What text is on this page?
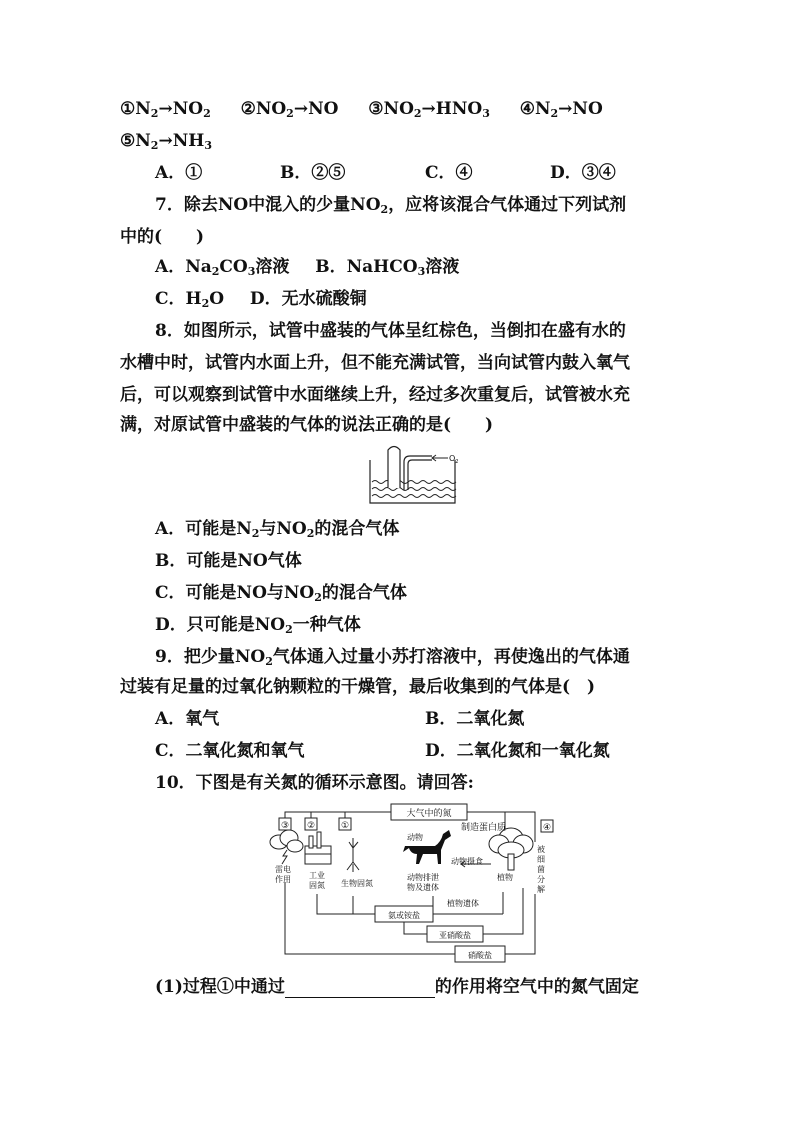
$①N_2\to NO_2$ $②NO_2\to NO$ $③NO_2\to HNO_3$ $④N_2\to NO$
$⑤N_2\to NH_3$
A．①	B．②⑤	C．④	D．③④
7．除去NO中混入的少量$NO_2$，应将该混合气体通过下列试剂
中的(　　)
A．$Na_2CO_3$溶液 B．NaHCO$_3$溶液
C．$H_2O$ D．无水硫酸铜
8．如图所示，试管中盛装的气体呈红棕色，当倒扣在盛有水的
水槽中时，试管内水面上升，但不能充满试管，当向试管内鼓入氧气
后，可以观察到试管中水面继续上升，经过多次重复后，试管被水充
满，对原试管中盛装的气体的说法正确的是(　　)
$O_2$
A．可能是$N_2$与$NO_2$的混合气体
B．可能是NO气体
C．可能是NO与$NO_2$的混合气体
D．只可能是$NO_2$一种气体
9．把少量$NO_2$气体通入过量小苏打溶液中，再使逸出的气体通
过装有足量的过氧化钠颗粒的干燥管，最后收集到的气体是(　)
A．氧气	B．二氧化氮
C．二氧化氮和氧气	D．二氧化氮和一氧化氮
10．下图是有关氮的循环示意图。请回答:
大气中的氮
制造蛋白质
动物
动物摄食
动物排泄
物及遗体
植物
植物遗体
雷电
作用 工业
固氮 生物固氮
被
细
菌
分
解
氨或铵盐
亚硝酸盐
硝酸盐
①
②
③	④
(1)过程①中通过	的作用将空气中的氮气固定
